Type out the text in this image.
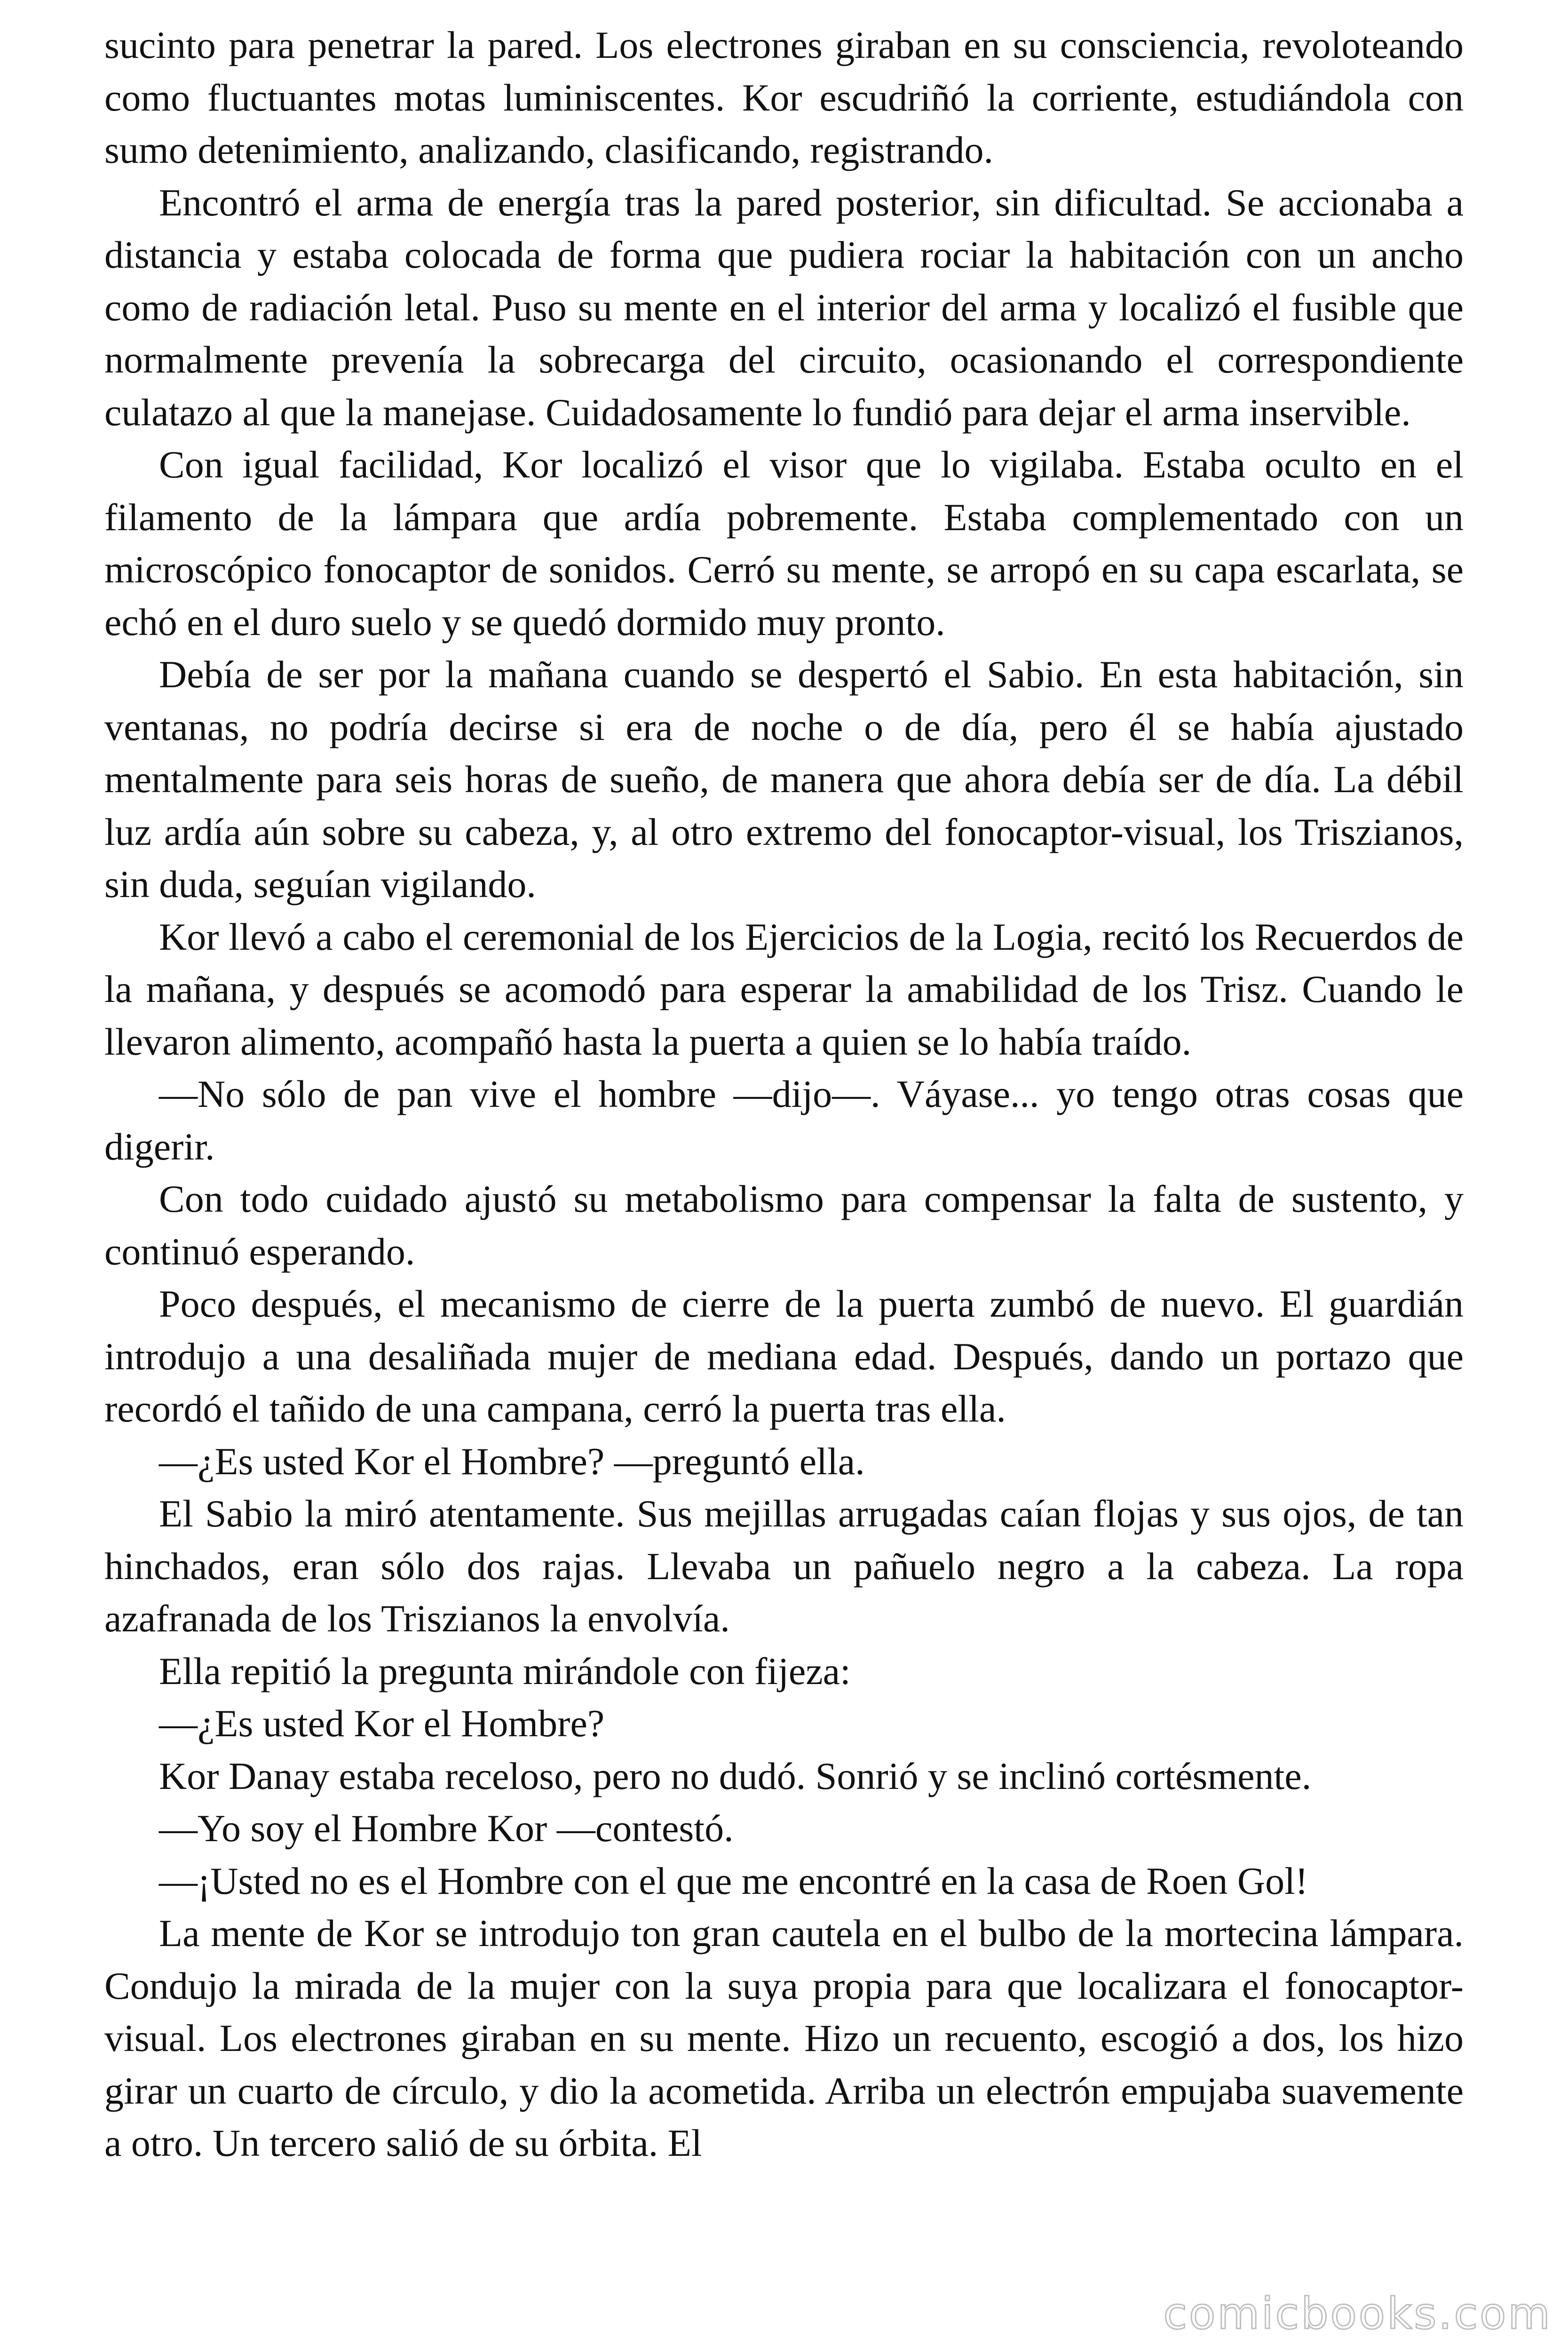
sucinto para penetrar la pared. Los electrones giraban en su consciencia, revoloteando como fluctuantes motas luminiscentes. Kor escudriñó la corriente, estudiándola con sumo detenimiento, analizando, clasificando, registrando.

Encontró el arma de energía tras la pared posterior, sin dificultad. Se accionaba a distancia y estaba colocada de forma que pudiera rociar la habitación con un ancho como de radiación letal. Puso su mente en el interior del arma y localizó el fusible que normalmente prevenía la sobrecarga del circuito, ocasionando el correspondiente culatazo al que la manejase. Cuidadosamente lo fundió para dejar el arma inservible.

Con igual facilidad, Kor localizó el visor que lo vigilaba. Estaba oculto en el filamento de la lámpara que ardía pobremente. Estaba complementado con un microscópico fonocaptor de sonidos. Cerró su mente, se arropó en su capa escarlata, se echó en el duro suelo y se quedó dormido muy pronto.

Debía de ser por la mañana cuando se despertó el Sabio. En esta habitación, sin ventanas, no podría decirse si era de noche o de día, pero él se había ajustado mentalmente para seis horas de sueño, de manera que ahora debía ser de día. La débil luz ardía aún sobre su cabeza, y, al otro extremo del fonocaptor-visual, los Triszianos, sin duda, seguían vigilando.

Kor llevó a cabo el ceremonial de los Ejercicios de la Logia, recitó los Recuerdos de la mañana, y después se acomodó para esperar la amabilidad de los Trisz. Cuando le llevaron alimento, acompañó hasta la puerta a quien se lo había traído.

—No sólo de pan vive el hombre —dijo—. Váyase... yo tengo otras cosas que digerir.

Con todo cuidado ajustó su metabolismo para compensar la falta de sustento, y continuó esperando.

Poco después, el mecanismo de cierre de la puerta zumbó de nuevo. El guardián introdujo a una desaliñada mujer de mediana edad. Después, dando un portazo que recordó el tañido de una campana, cerró la puerta tras ella.

—¿Es usted Kor el Hombre? —preguntó ella.

El Sabio la miró atentamente. Sus mejillas arrugadas caían flojas y sus ojos, de tan hinchados, eran sólo dos rajas. Llevaba un pañuelo negro a la cabeza. La ropa azafranada de los Triszianos la envolvía.

Ella repitió la pregunta mirándole con fijeza:

—¿Es usted Kor el Hombre?

Kor Danay estaba receloso, pero no dudó. Sonrió y se inclinó cortésmente.

—Yo soy el Hombre Kor —contestó.

—¡Usted no es el Hombre con el que me encontré en la casa de Roen Gol!

La mente de Kor se introdujo ton gran cautela en el bulbo de la mortecina lámpara. Condujo la mirada de la mujer con la suya propia para que localizara el fonocaptor-visual. Los electrones giraban en su mente. Hizo un recuento, escogió a dos, los hizo girar un cuarto de círculo, y dio la acometida. Arriba un electrón empujaba suavemente a otro. Un tercero salió de su órbita. El

comicbooks.com
